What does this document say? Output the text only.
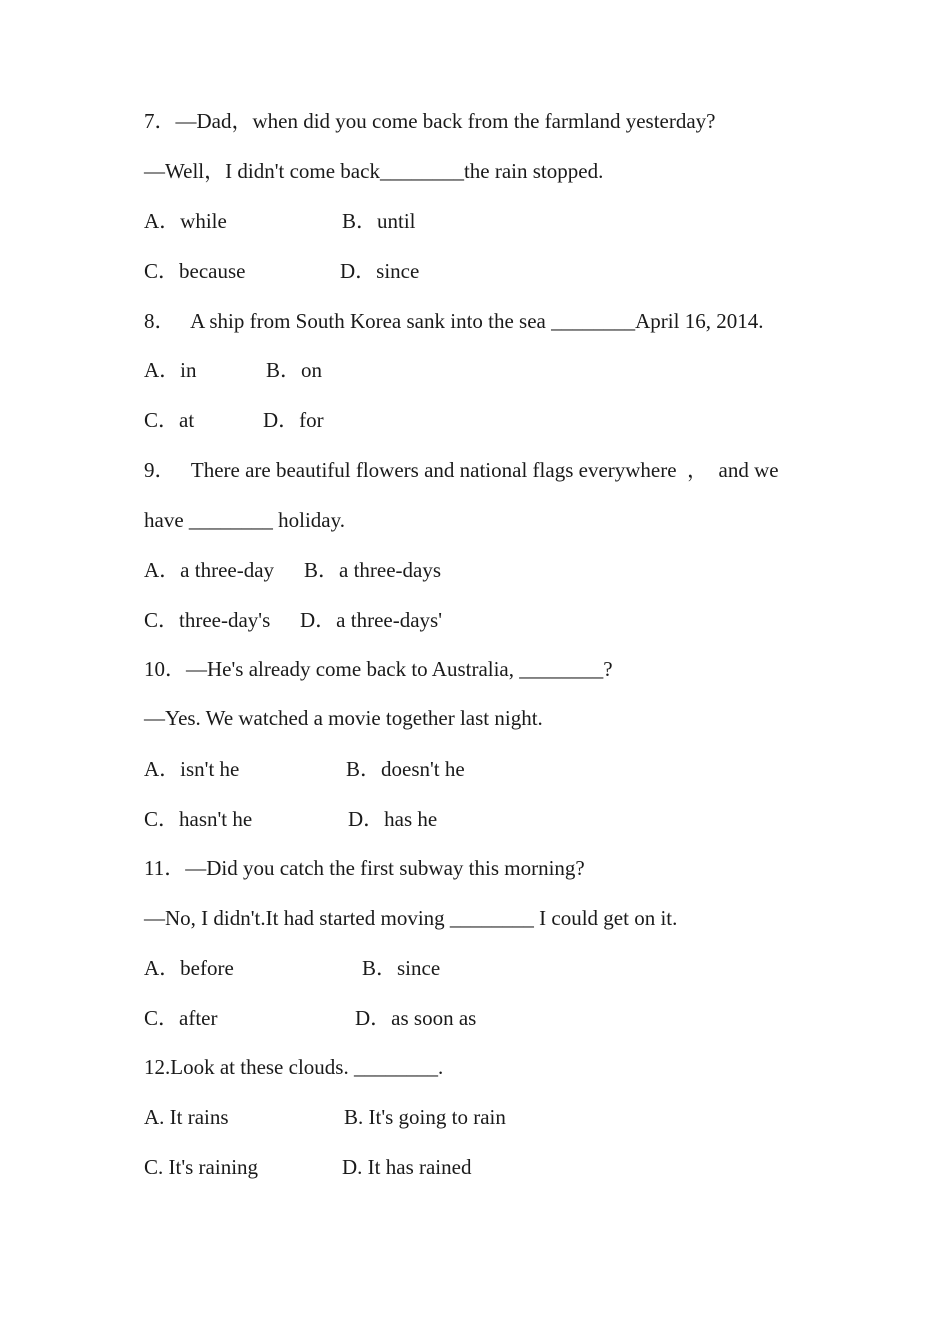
7．—Dad，when did you come back from the farmland yesterday?
—Well，I didn't come back________the rain stopped.
A．while	B．until
C．because	D．since
8．   A ship from South Korea sank into the sea ________April 16, 2014.
A．in	B．on
C．at	D．for
9．   There are beautiful flowers and national flags everywhere  ，  and we
have ________ holiday.
A．a three-day B．a three-days
C．three-day's D．a three-days'
10．—He's already come back to Australia, ________?
—Yes. We watched a movie together last night.
A．isn't he	B．doesn't he
C．hasn't he	D．has he
11．—Did you catch the first subway this morning?
—No, I didn't.It had started moving ________ I could get on it.
A．before	B．since
C．after	D．as soon as
12.Look at these clouds. ________.
A. It rains	B. It's going to rain
C. It's raining	D. It has rained
